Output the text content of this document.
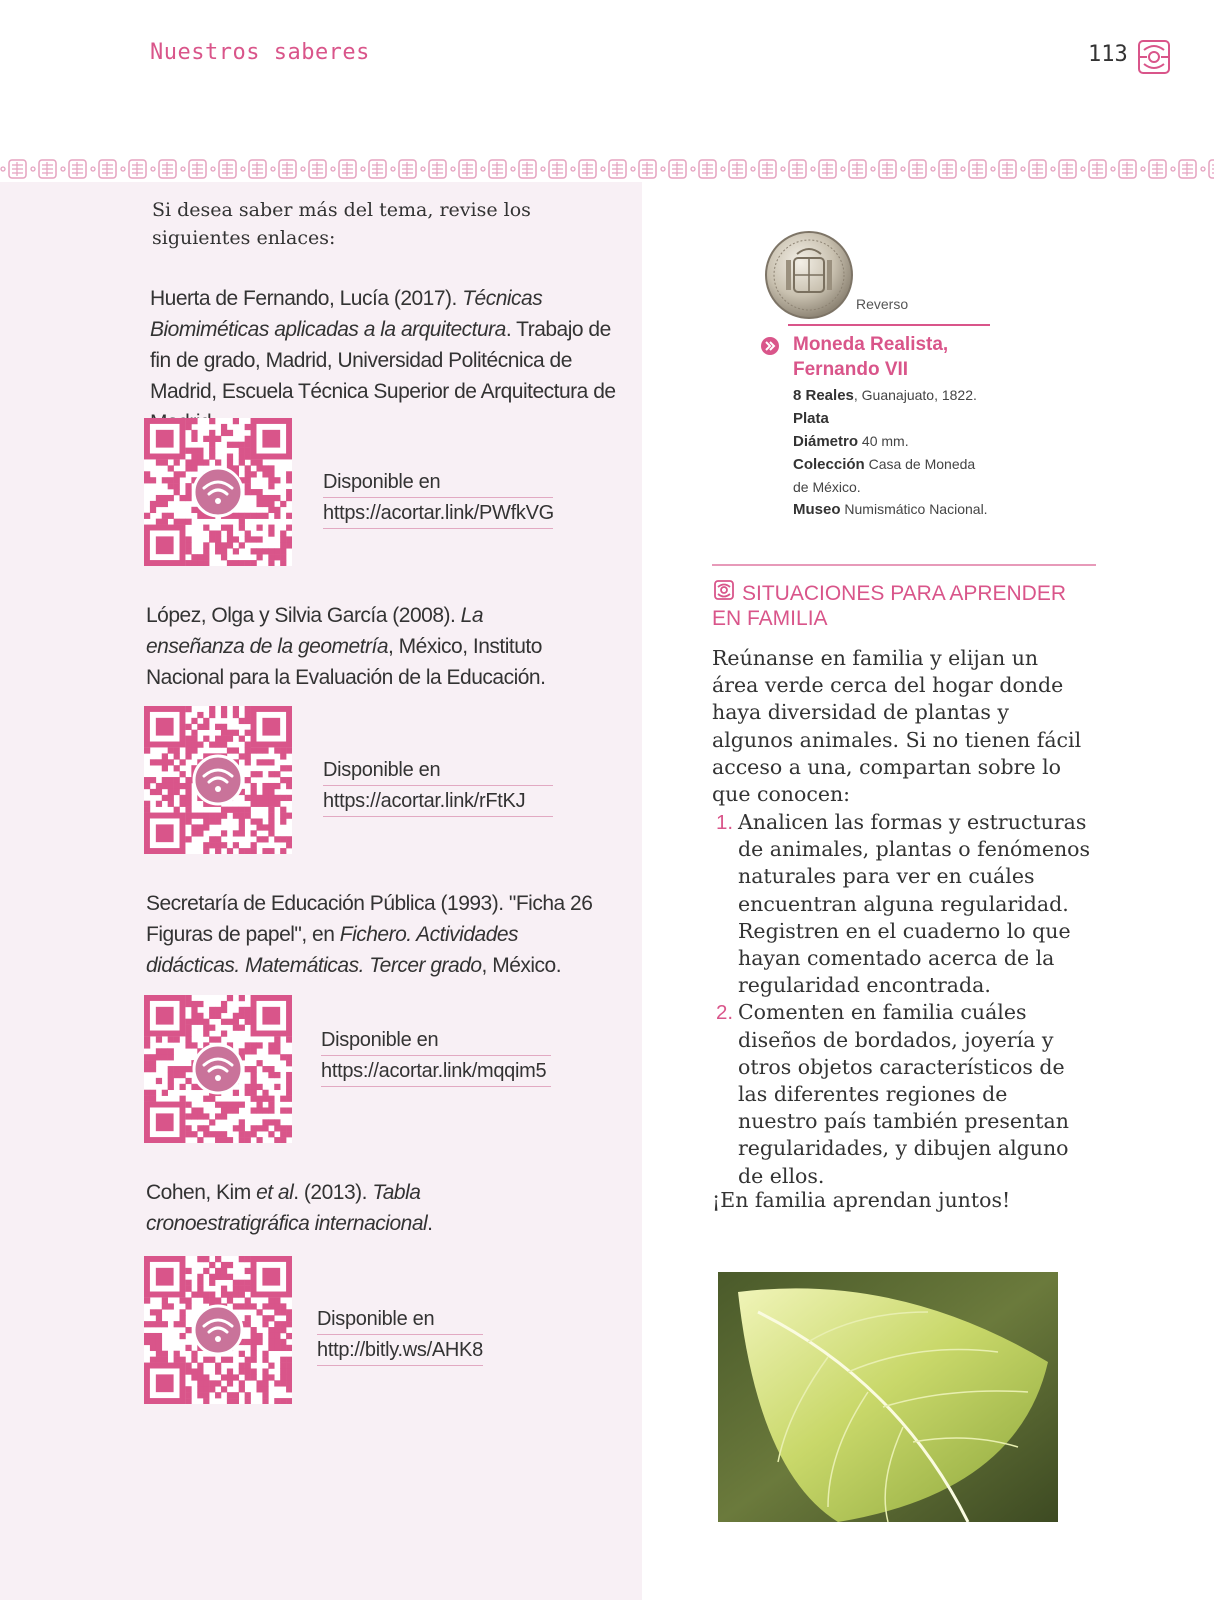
Nuestros saberes	113
Si desea saber más del tema, revise los siguientes enlaces:
Huerta de Fernando, Lucía (2017). Técnicas Biomiméticas aplicadas a la arquitectura. Trabajo de fin de grado, Madrid, Universidad Politécnica de Madrid, Escuela Técnica Superior de Arquitectura de
Disponible en
https://acortar.link/PWfkVG
López, Olga y Silvia García (2008). La enseñanza de la geometría, México, Instituto Nacional para la Evaluación de la Educación.
Disponible en
https://acortar.link/rFtKJ
Secretaría de Educación Pública (1993). "Ficha 26 Figuras de papel", en Fichero. Actividades didácticas. Matemáticas. Tercer grado, México.
Disponible en
https://acortar.link/mqqim5
Cohen, Kim et al. (2013). Tabla cronoestratigráfica internacional.
Disponible en
http://bitly.ws/AHK8
Reverso
Moneda Realista, Fernando VII
8 Reales, Guanajuato, 1822.
Plata
Diámetro 40 mm.
Colección Casa de Moneda de México.
Museo Numismático Nacional.
SITUACIONES PARA APRENDER EN FAMILIA
Reúnanse en familia y elijan un área verde cerca del hogar donde haya diversidad de plantas y algunos animales. Si no tienen fácil acceso a una, compartan sobre lo que conocen:
1. Analicen las formas y estructuras de animales, plantas o fenómenos naturales para ver en cuáles encuentran alguna regularidad. Registren en el cuaderno lo que hayan comentado acerca de la regularidad encontrada.
2. Comenten en familia cuáles diseños de bordados, joyería y otros objetos característicos de las diferentes regiones de nuestro país también presentan regularidades, y dibujen alguno de ellos.
¡En familia aprendan juntos!
